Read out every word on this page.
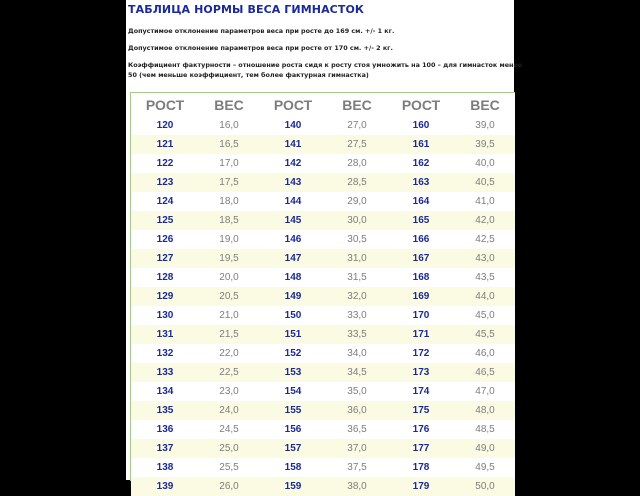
ТАБЛИЦА НОРМЫ ВЕСА ГИМНАСТОК

Допустимое отклонение параметров веса при росте до 169 см. +/- 1 кг.

Допустимое отклонение параметров веса при росте от 170 см. +/- 2 кг.

Коэффициент фактурности – отношение роста сидя к росту стоя умножить на 100 – для гимнасток менее 50 (чем меньше коэффициент, тем более фактурная гимнастка)

РОСТ	ВЕС	РОСТ	ВЕС	РОСТ	ВЕС
120	16,0	140	27,0	160	39,0
121	16,5	141	27,5	161	39,5
122	17,0	142	28,0	162	40,0
123	17,5	143	28,5	163	40,5
124	18,0	144	29,0	164	41,0
125	18,5	145	30,0	165	42,0
126	19,0	146	30,5	166	42,5
127	19,5	147	31,0	167	43,0
128	20,0	148	31,5	168	43,5
129	20,5	149	32,0	169	44,0
130	21,0	150	33,0	170	45,0
131	21,5	151	33,5	171	45,5
132	22,0	152	34,0	172	46,0
133	22,5	153	34,5	173	46,5
134	23,0	154	35,0	174	47,0
135	24,0	155	36,0	175	48,0
136	24,5	156	36,5	176	48,5
137	25,0	157	37,0	177	49,0
138	25,5	158	37,5	178	49,5
139	26,0	159	38,0	179	50,0
